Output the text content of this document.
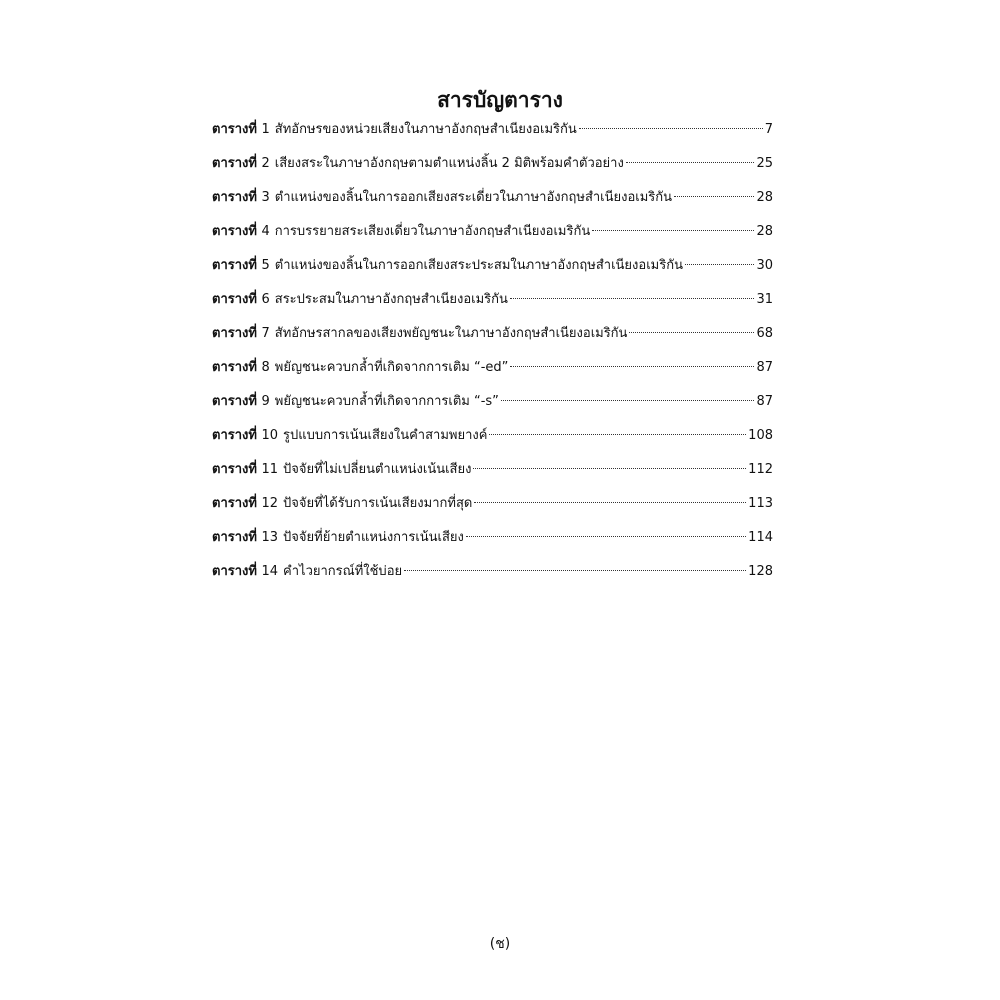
สารบัญตาราง
ตารางที่ 1 สัทอักษรของหน่วยเสียงในภาษาอังกฤษสำเนียงอเมริกัน	7
ตารางที่ 2 เสียงสระในภาษาอังกฤษตามตำแหน่งลิ้น 2 มิติพร้อมคำตัวอย่าง	25
ตารางที่ 3 ตำแหน่งของลิ้นในการออกเสียงสระเดี่ยวในภาษาอังกฤษสำเนียงอเมริกัน	28
ตารางที่ 4 การบรรยายสระเสียงเดี่ยวในภาษาอังกฤษสำเนียงอเมริกัน	28
ตารางที่ 5 ตำแหน่งของลิ้นในการออกเสียงสระประสมในภาษาอังกฤษสำเนียงอเมริกัน	30
ตารางที่ 6 สระประสมในภาษาอังกฤษสำเนียงอเมริกัน	31
ตารางที่ 7 สัทอักษรสากลของเสียงพยัญชนะในภาษาอังกฤษสำเนียงอเมริกัน	68
ตารางที่ 8 พยัญชนะควบกล้ำที่เกิดจากการเติม “-ed”	87
ตารางที่ 9 พยัญชนะควบกล้ำที่เกิดจากการเติม “-s”	87
ตารางที่ 10 รูปแบบการเน้นเสียงในคำสามพยางค์	108
ตารางที่ 11 ปัจจัยที่ไม่เปลี่ยนตำแหน่งเน้นเสียง	112
ตารางที่ 12 ปัจจัยที่ได้รับการเน้นเสียงมากที่สุด	113
ตารางที่ 13 ปัจจัยที่ย้ายตำแหน่งการเน้นเสียง	114
ตารางที่ 14 คำไวยากรณ์ที่ใช้บ่อย	128
(ช)
